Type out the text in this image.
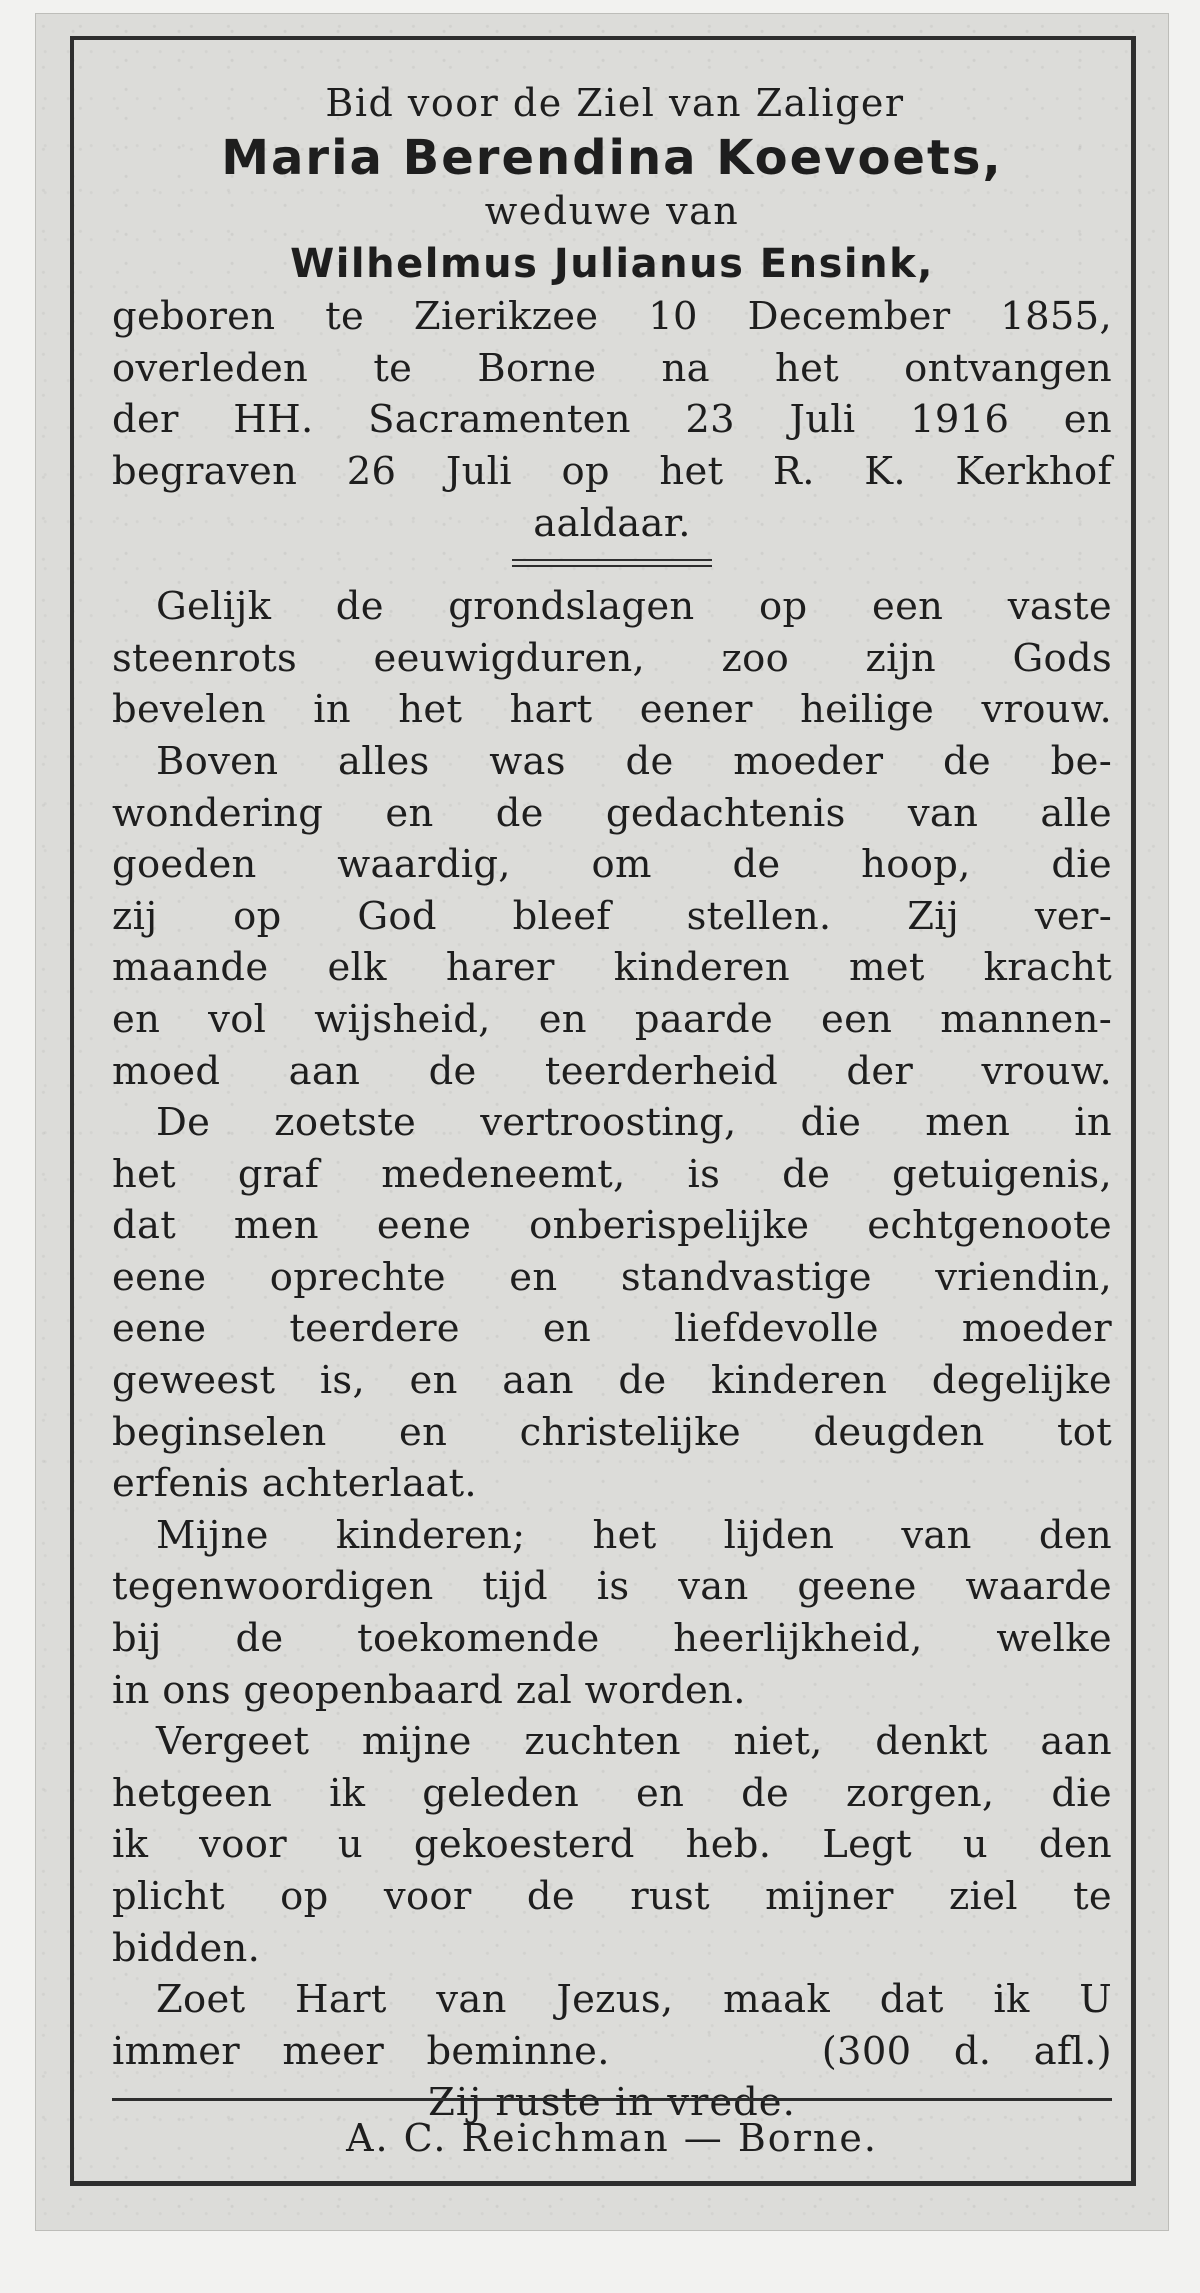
Bid voor de Ziel van Zaliger
Maria Berendina Koevoets,
weduwe van
Wilhelmus Julianus Ensink,
geboren te Zierikzee 10 December 1855,
overleden te Borne na het ontvangen
der HH. Sacramenten 23 Juli 1916 en
begraven 26 Juli op het R. K. Kerkhof
aaldaar.
Gelijk de grondslagen op een vaste
steenrots eeuwigduren, zoo zijn Gods
bevelen in het hart eener heilige vrouw.
Boven alles was de moeder de be-
wondering en de gedachtenis van alle
goeden waardig, om de hoop, die
zij op God bleef stellen. Zij ver-
maande elk harer kinderen met kracht
en vol wijsheid, en paarde een mannen-
moed aan de teerderheid der vrouw.
De zoetste vertroosting, die men in
het graf medeneemt, is de getuigenis,
dat men eene onberispelijke echtgenoote
eene oprechte en standvastige vriendin,
eene teerdere en liefdevolle moeder
geweest is, en aan de kinderen degelijke
beginselen en christelijke deugden tot
erfenis achterlaat.
Mijne kinderen; het lijden van den
tegenwoordigen tijd is van geene waarde
bij de toekomende heerlijkheid, welke
in ons geopenbaard zal worden.
Vergeet mijne zuchten niet, denkt aan
hetgeen ik geleden en de zorgen, die
ik voor u gekoesterd heb. Legt u den
plicht op voor de rust mijner ziel te
bidden.
Zoet Hart van Jezus, maak dat ik U
immer meer beminne.     (300 d. afl.)
Zij ruste in vrede.
A. C. Reichman — Borne.
